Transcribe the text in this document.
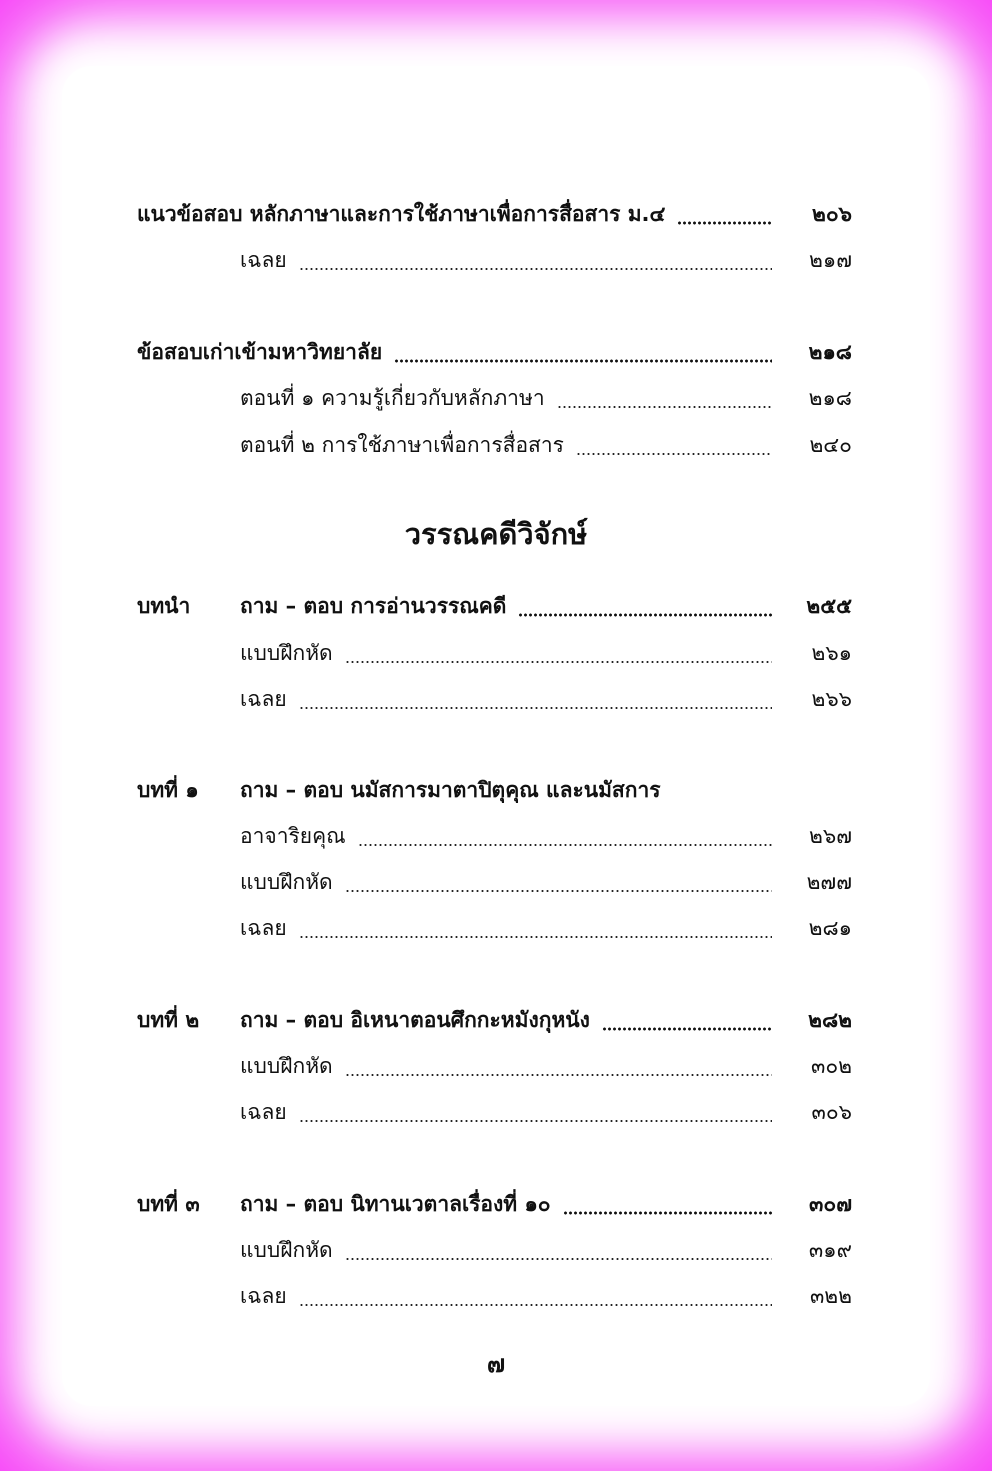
แนวข้อสอบ หลักภาษาและการใช้ภาษาเพื่อการสื่อสาร ม.๔	๒๐๖
เฉลย	๒๑๗
ข้อสอบเก่าเข้ามหาวิทยาลัย	๒๑๘
ตอนที่ ๑ ความรู้เกี่ยวกับหลักภาษา	๒๑๘
ตอนที่ ๒ การใช้ภาษาเพื่อการสื่อสาร	๒๔๐
วรรณคดีวิจักษ์
บทนำ ถาม – ตอบ การอ่านวรรณคดี	๒๕๕
แบบฝึกหัด	๒๖๑
เฉลย	๒๖๖
บทที่ ๑ ถาม – ตอบ นมัสการมาตาปิตุคุณ และนมัสการ
อาจาริยคุณ	๒๖๗
แบบฝึกหัด	๒๗๗
เฉลย	๒๘๑
บทที่ ๒ ถาม – ตอบ อิเหนาตอนศึกกะหมังกุหนัง	๒๘๒
แบบฝึกหัด	๓๐๒
เฉลย	๓๐๖
บทที่ ๓ ถาม – ตอบ นิทานเวตาลเรื่องที่ ๑๐	๓๐๗
แบบฝึกหัด	๓๑๙
เฉลย	๓๒๒
๗
